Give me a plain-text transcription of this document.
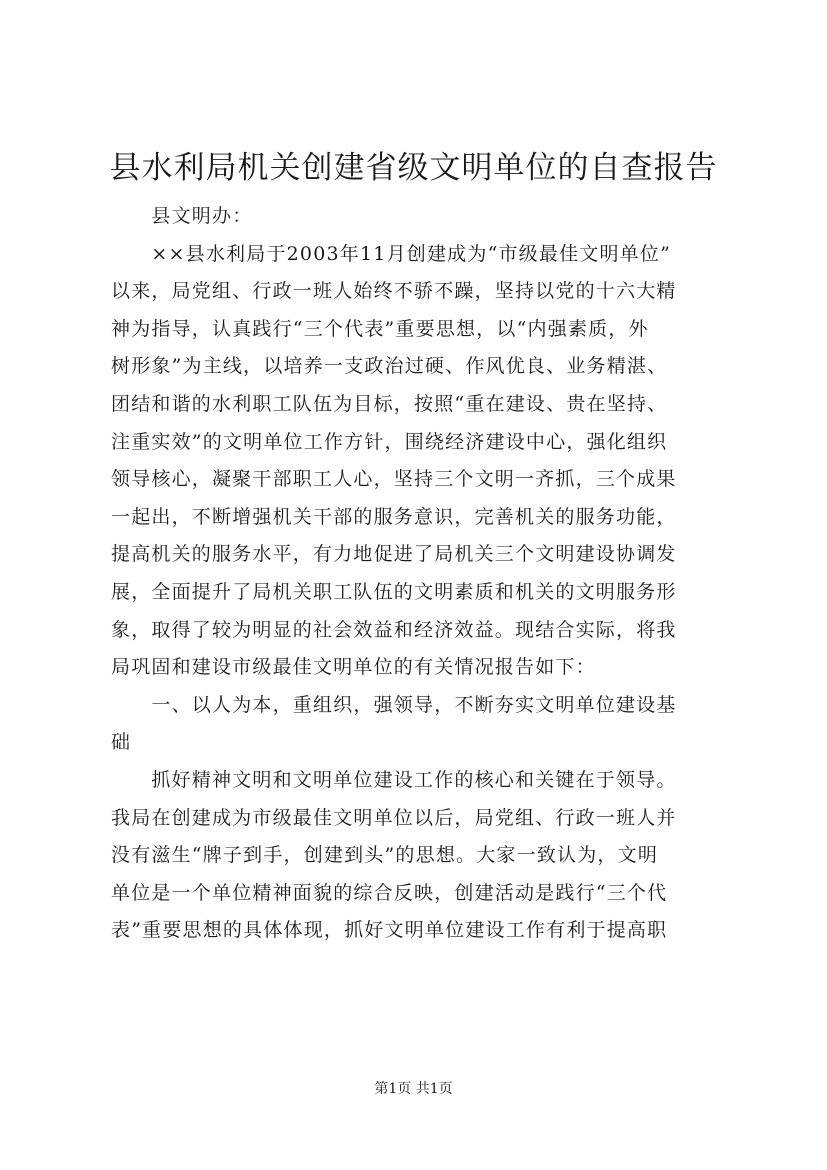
县水利局机关创建省级文明单位的自查报告

　　县文明办：

　　××县水利局于2003年11月创建成为“市级最佳文明单位”

以来，局党组、行政一班人始终不骄不躁，坚持以党的十六大精

神为指导，认真践行“三个代表”重要思想，以“内强素质，外

树形象”为主线，以培养一支政治过硬、作风优良、业务精湛、

团结和谐的水利职工队伍为目标，按照“重在建设、贵在坚持、

注重实效”的文明单位工作方针，围绕经济建设中心，强化组织

领导核心，凝聚干部职工人心，坚持三个文明一齐抓，三个成果

一起出，不断增强机关干部的服务意识，完善机关的服务功能，

提高机关的服务水平，有力地促进了局机关三个文明建设协调发

展，全面提升了局机关职工队伍的文明素质和机关的文明服务形

象，取得了较为明显的社会效益和经济效益。现结合实际，将我

局巩固和建设市级最佳文明单位的有关情况报告如下：

　　一、以人为本，重组织，强领导，不断夯实文明单位建设基

础

　　抓好精神文明和文明单位建设工作的核心和关键在于领导。

我局在创建成为市级最佳文明单位以后，局党组、行政一班人并

没有滋生“牌子到手，创建到头”的思想。大家一致认为，文明

单位是一个单位精神面貌的综合反映，创建活动是践行“三个代

表”重要思想的具体体现，抓好文明单位建设工作有利于提高职

第1页 共1页
